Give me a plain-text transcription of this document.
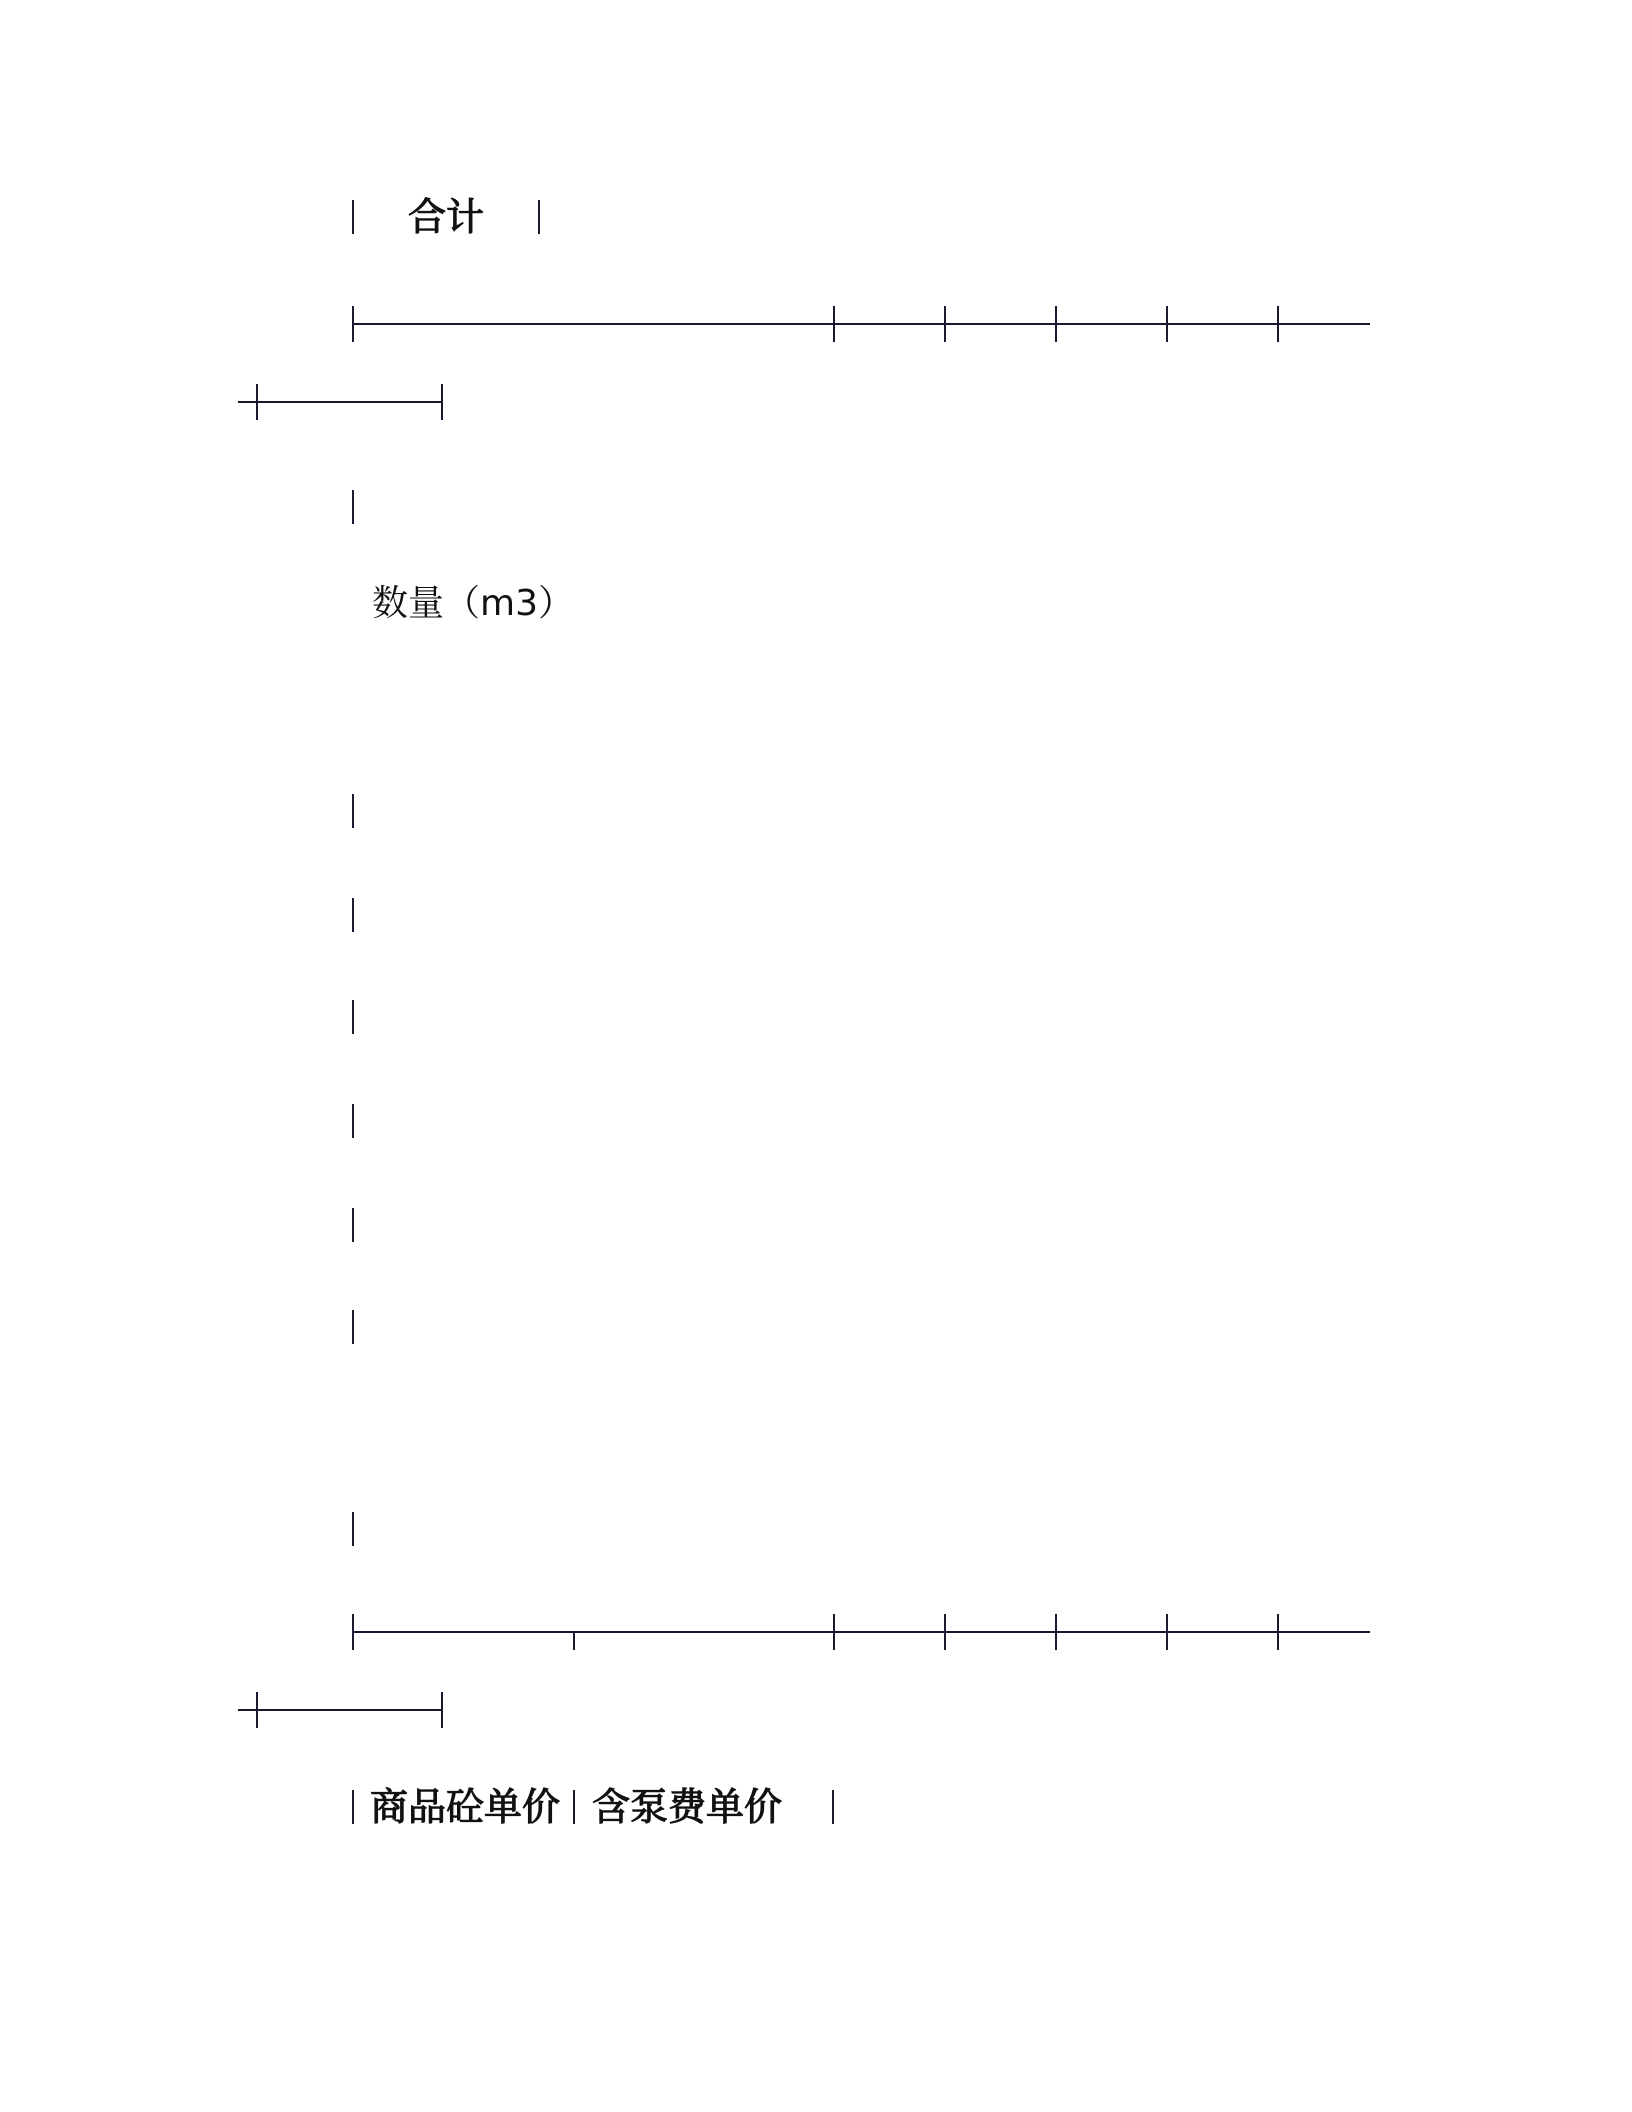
合计
数量（m3）
商品砼单价 含泵费单价
